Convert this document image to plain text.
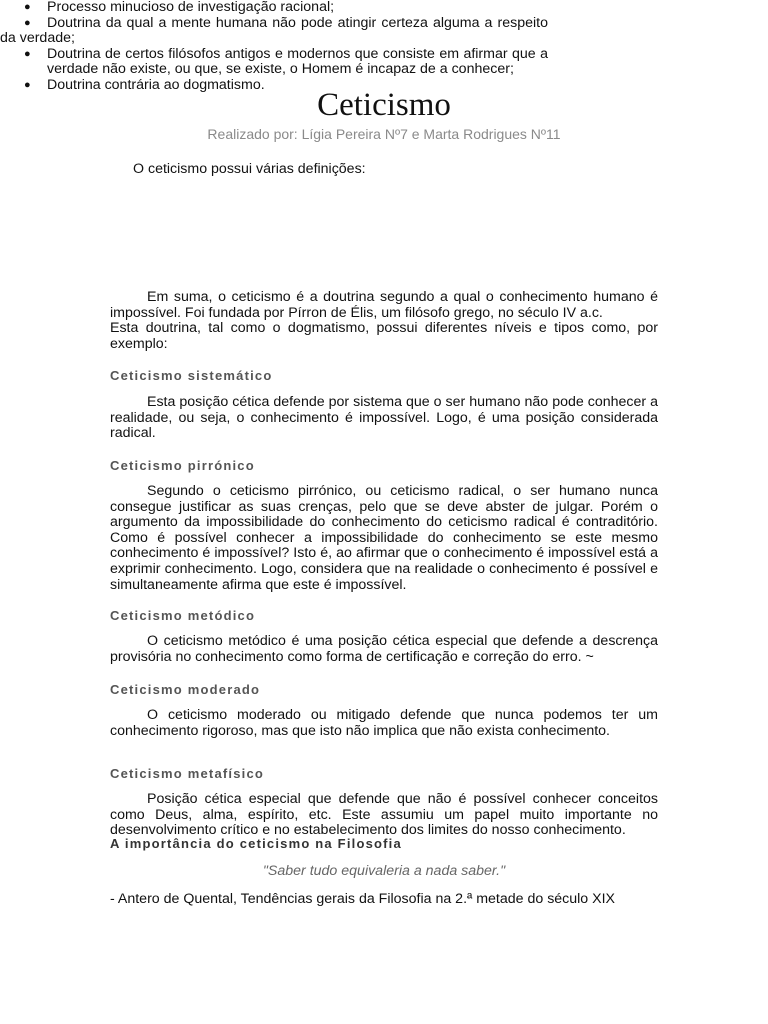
Ceticismo
Realizado por: Lígia Pereira Nº7 e Marta Rodrigues Nº11
O ceticismo possui várias definições:
● Processo minucioso de investigação racional;
● Doutrina da qual a mente humana não pode atingir certeza alguma a respeito da verdade;
● Doutrina de certos filósofos antigos e modernos que consiste em afirmar que a verdade não existe, ou que, se existe, o Homem é incapaz de a conhecer;
● Doutrina contrária ao dogmatismo.
Em suma, o ceticismo é a doutrina segundo a qual o conhecimento humano é impossível. Foi fundada por Pírron de Élis, um filósofo grego, no século IV a.c.
Esta doutrina, tal como o dogmatismo, possui diferentes níveis e tipos como, por exemplo:
Ceticismo sistemático
Esta posição cética defende por sistema que o ser humano não pode conhecer a realidade, ou seja, o conhecimento é impossível. Logo, é uma posição considerada radical.
Ceticismo pirrónico
Segundo o ceticismo pirrónico, ou ceticismo radical, o ser humano nunca consegue justificar as suas crenças, pelo que se deve abster de julgar. Porém o argumento da impossibilidade do conhecimento do ceticismo radical é contraditório. Como é possível conhecer a impossibilidade do conhecimento se este mesmo conhecimento é impossível? Isto é, ao afirmar que o conhecimento é impossível está a exprimir conhecimento. Logo, considera que na realidade o conhecimento é possível e simultaneamente afirma que este é impossível.
Ceticismo metódico
O ceticismo metódico é uma posição cética especial que defende a descrença provisória no conhecimento como forma de certificação e correção do erro. ~
Ceticismo moderado
O ceticismo moderado ou mitigado defende que nunca podemos ter um conhecimento rigoroso, mas que isto não implica que não exista conhecimento.
Ceticismo metafísico
Posição cética especial que defende que não é possível conhecer conceitos como Deus, alma, espírito, etc. Este assumiu um papel muito importante no desenvolvimento crítico e no estabelecimento dos limites do nosso conhecimento.
A importância do ceticismo na Filosofia
"Saber tudo equivaleria a nada saber."
- Antero de Quental, Tendências gerais da Filosofia na 2.ª metade do século XIX
